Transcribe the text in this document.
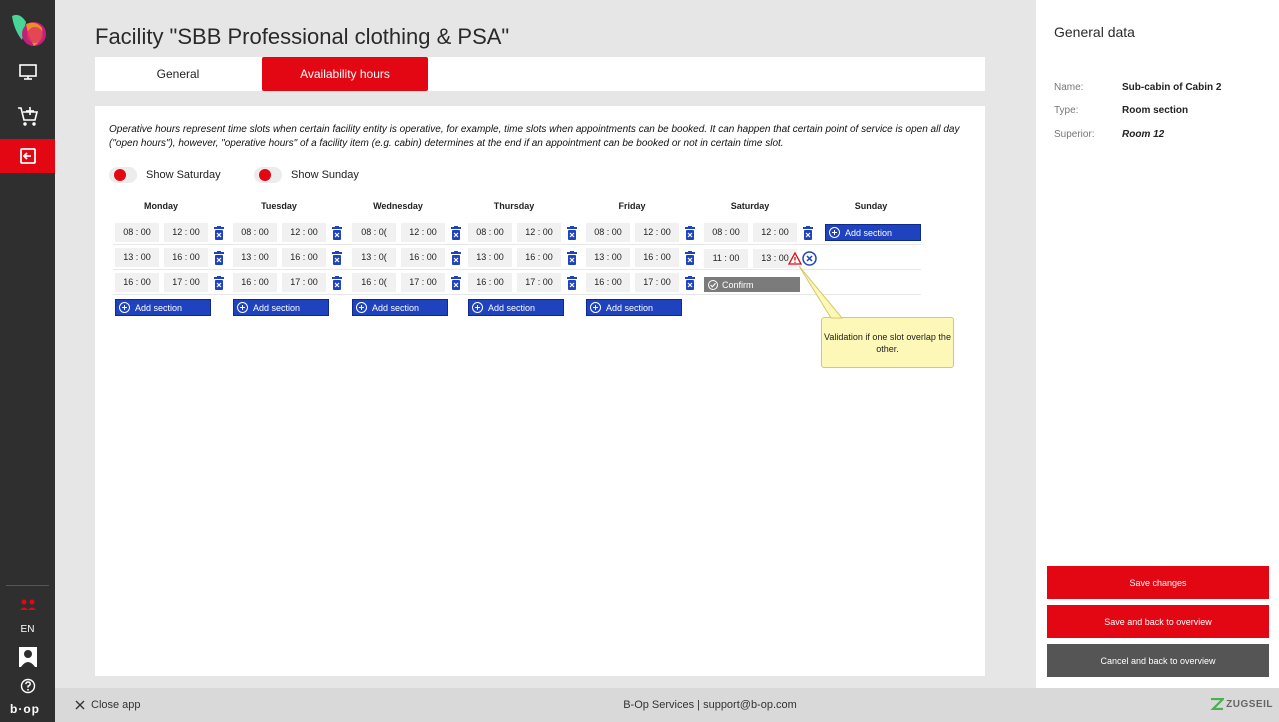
EN
b·op
Facility "SBB Professional clothing & PSA"
General	Availability hours
Operative hours represent time slots when certain facility entity is operative, for example, time slots when appointments can be booked. It can happen that certain point of service is open all day ("open hours"), however, "operative hours" of a facility item (e.g. cabin) determines at the end if an appointment can be booked or not in certain time slot.
Show Saturday	Show Sunday
Monday
08 : 00	12 : 00
13 : 00	16 : 00
16 : 00	17 : 00
Add section
Tuesday
08 : 00	12 : 00
13 : 00	16 : 00
16 : 00	17 : 00
Add section
Wednesday
08 : 0(	12 : 00
13 : 0(	16 : 00
16 : 0(	17 : 00
Add section
Thursday
08 : 00	12 : 00
13 : 00	16 : 00
16 : 00	17 : 00
Add section
Friday
08 : 00	12 : 00
13 : 00	16 : 00
16 : 00	17 : 00
Add section
Saturday
08 : 00	12 : 00
11 : 00	13 : 00
Confirm
Sunday
Add section
Validation if one slot overlap the other.
General data
Name:	Sub-cabin of Cabin 2
Type:	Room section
Superior:	Room 12
Save changes
Save and back to overview
Cancel and back to overview
Close app	B-Op Services | support@b-op.com	ZUGSEIL
